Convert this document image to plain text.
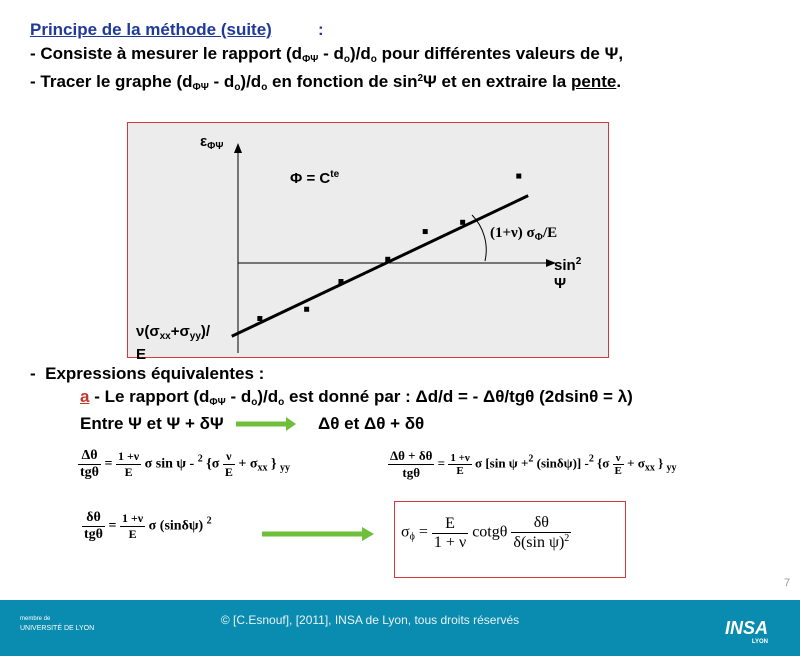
Principe de la méthode (suite)	:
- Consiste à mesurer le rapport $(d_{\Phi\Psi} - d_o)/d_o$ pour différentes valeurs de Ψ,
- Tracer le graphe $(d_{\Phi\Psi} - d_o)/d_o$ en fonction de $\sin^2\Psi$ et en extraire la pente.
$\varepsilon_{\Phi\Psi}$
$\Phi = C^{te}$
(1+ν) $\sigma_\Phi/E$
$\sin^2$
Ψ
$\nu(\sigma_{xx}+\sigma_{yy})/$
E
- Expressions équivalentes :
a - Le rapport $(d_{\Phi\Psi} - d_o)/d_o$ est donné par : Δd/d = - Δθ/tgθ (2dsinθ = λ)
Entre Ψ et Ψ + δΨ	Δθ et Δθ + δθ
$\frac{\Delta\theta}{\text{tgθ}} = \frac{1 +\nu}{E}$ σ sin ψ - $^2$ {$\sigma \frac{\nu}{E} + \sigma_{xx}$ } $_{yy}$	$\frac{\Delta\theta + \delta\theta}{\text{tgθ}} = \frac{1 +\nu}{E}$ σ [sin ψ +$^2$ (sinδψ)] -$^2$ {$\sigma \frac{\nu}{E} + \sigma_{xx}$ } $_{yy}$
$\frac{\delta\theta}{\text{tgθ}} = \frac{1 +\nu}{E}$ σ (sinδψ) $^2$
$\sigma_\phi = \frac{E}{1 + \nu}$ cotgθ $\frac{\delta\theta}{\delta(\sin \psi)^2}$
7
membre de
UNIVERSITÉ DE LYON
© [C.Esnouf], [2011], INSA de Lyon, tous droits réservés	INSA
LYON
